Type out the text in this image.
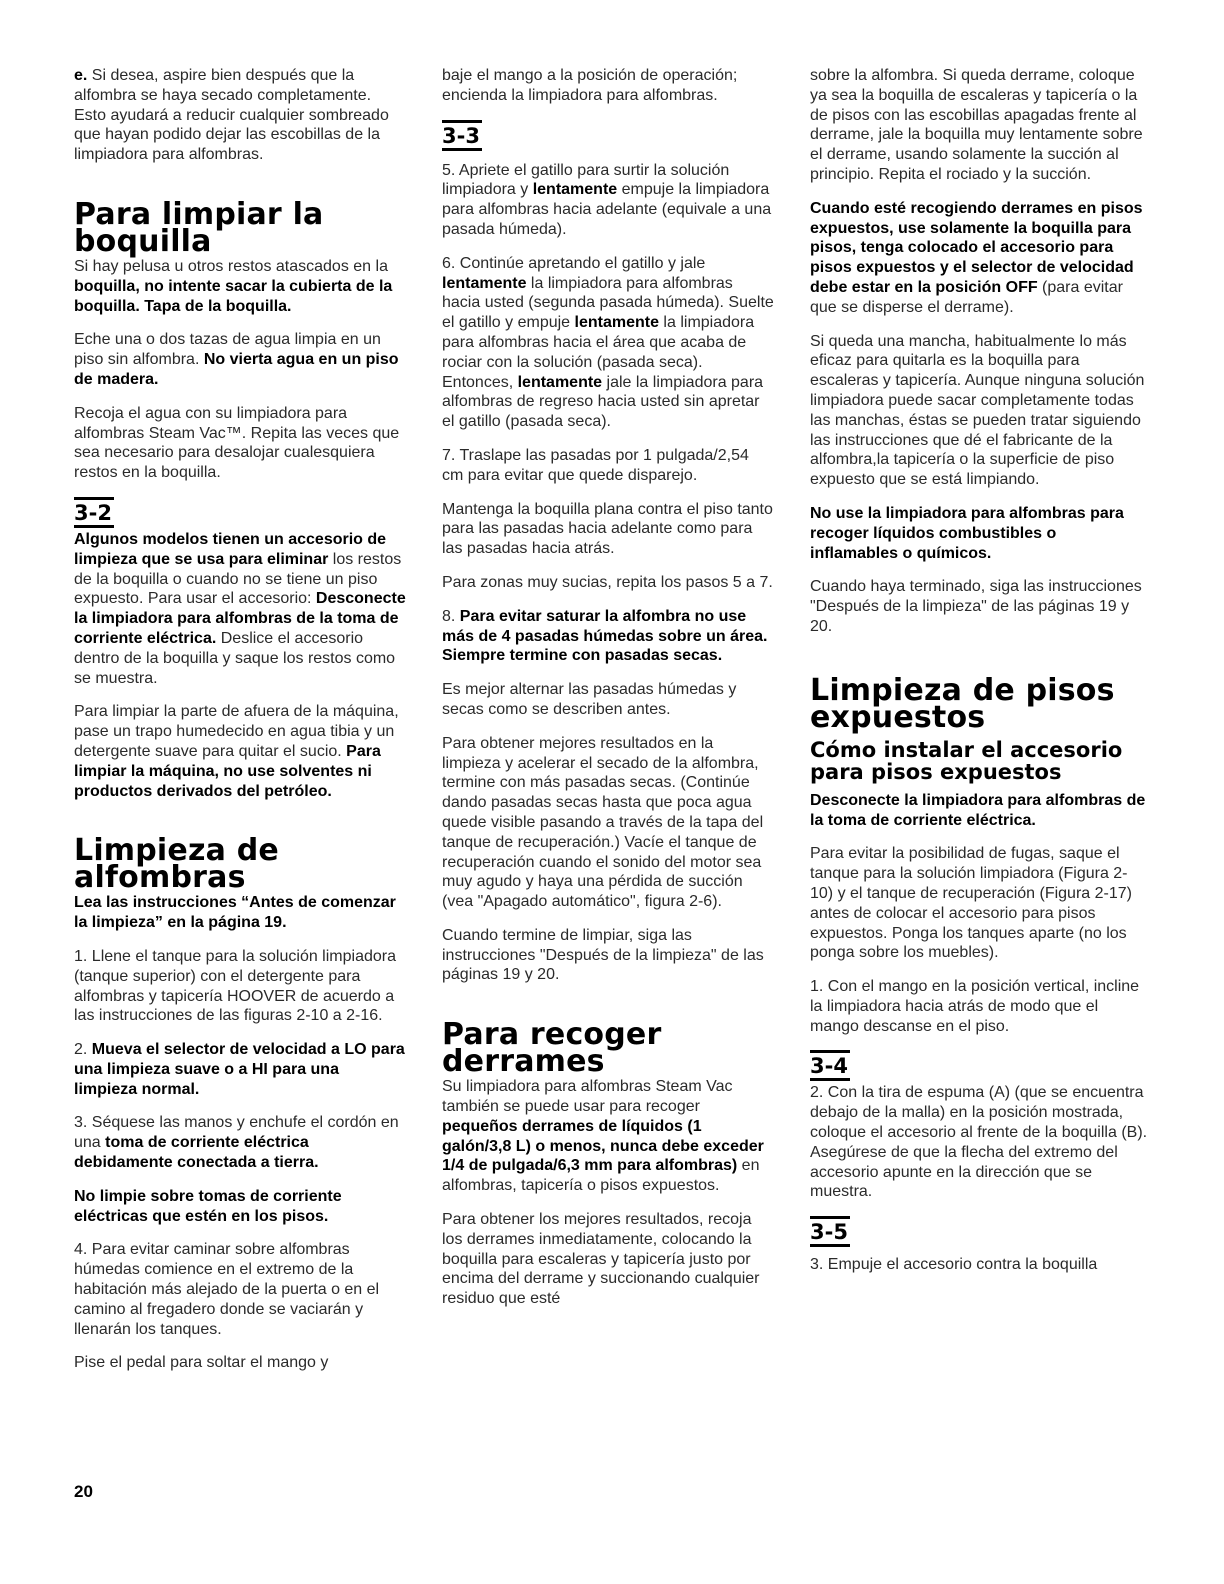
e. Si desea, aspire bien después que la alfombra se haya secado completamente. Esto ayudará a reducir cualquier sombreado que hayan podido dejar las escobillas de la limpiadora para alfombras.

Para limpiar la
boquilla

Si hay pelusa u otros restos atascados en la boquilla, no intente sacar la cubierta de la boquilla. Tapa de la boquilla.

Eche una o dos tazas de agua limpia en un piso sin alfombra. No vierta agua en un piso de madera.

Recoja el agua con su limpiadora para alfombras Steam Vac™. Repita las veces que sea necesario para desalojar cualesquiera restos en la boquilla.

3-2

Algunos modelos tienen un accesorio de limpieza que se usa para eliminar los restos de la boquilla o cuando no se tiene un piso expuesto. Para usar el accesorio: Desconecte la limpiadora para alfombras de la toma de corriente eléctrica. Deslice el accesorio dentro de la boquilla y saque los restos como se muestra.

Para limpiar la parte de afuera de la máquina, pase un trapo humedecido en agua tibia y un detergente suave para quitar el sucio. Para limpiar la máquina, no use solventes ni productos derivados del petróleo.

Limpieza de
alfombras

Lea las instrucciones “Antes de comenzar la limpieza” en la página 19.

1. Llene el tanque para la solución limpiadora (tanque superior) con el detergente para alfombras y tapicería HOOVER de acuerdo a las instrucciones de las figuras 2-10 a 2-16.

2. Mueva el selector de velocidad a LO para una limpieza suave o a HI para una limpieza normal.

3. Séquese las manos y enchufe el cordón en una toma de corriente eléctrica debidamente conectada a tierra.

No limpie sobre tomas de corriente eléctricas que estén en los pisos.

4. Para evitar caminar sobre alfombras húmedas comience en el extremo de la habitación más alejado de la puerta o en el camino al fregadero donde se vaciarán y llenarán los tanques.

Pise el pedal para soltar el mango y

baje el mango a la posición de operación; encienda la limpiadora para alfombras.

3-3

5. Apriete el gatillo para surtir la solución limpiadora y lentamente empuje la limpiadora para alfombras hacia adelante (equivale a una pasada húmeda).

6. Continúe apretando el gatillo y jale lentamente la limpiadora para alfombras hacia usted (segunda pasada húmeda). Suelte el gatillo y empuje lentamente la limpiadora para alfombras hacia el área que acaba de rociar con la solución (pasada seca). Entonces, lentamente jale la limpiadora para alfombras de regreso hacia usted sin apretar el gatillo (pasada seca).

7. Traslape las pasadas por 1 pulgada/2,54 cm para evitar que quede disparejo.

Mantenga la boquilla plana contra el piso tanto para las pasadas hacia adelante como para las pasadas hacia atrás.

Para zonas muy sucias, repita los pasos 5 a 7.

8. Para evitar saturar la alfombra no use más de 4 pasadas húmedas sobre un área. Siempre termine con pasadas secas.

Es mejor alternar las pasadas húmedas y secas como se describen antes.

Para obtener mejores resultados en la limpieza y acelerar el secado de la alfombra, termine con más pasadas secas. (Continúe dando pasadas secas hasta que poca agua quede visible pasando a través de la tapa del tanque de recuperación.) Vacíe el tanque de recuperación cuando el sonido del motor sea muy agudo y haya una pérdida de succión (vea "Apagado automático", figura 2-6).

Cuando termine de limpiar, siga las instrucciones "Después de la limpieza" de las páginas 19 y 20.

Para recoger
derrames

Su limpiadora para alfombras Steam Vac también se puede usar para recoger pequeños derrames de líquidos (1 galón/3,8 L) o menos, nunca debe exceder 1/4 de pulgada/6,3 mm para alfombras) en alfombras, tapicería o pisos expuestos.

Para obtener los mejores resultados, recoja los derrames inmediatamente, colocando la boquilla para escaleras y tapicería justo por encima del derrame y succionando cualquier residuo que esté

sobre la alfombra. Si queda derrame, coloque ya sea la boquilla de escaleras y tapicería o la de pisos con las escobillas apagadas frente al derrame, jale la boquilla muy lentamente sobre el derrame, usando solamente la succión al principio. Repita el rociado y la succión.

Cuando esté recogiendo derrames en pisos expuestos, use solamente la boquilla para pisos, tenga colocado el accesorio para pisos expuestos y el selector de velocidad debe estar en la posición OFF (para evitar que se disperse el derrame).

Si queda una mancha, habitualmente lo más eficaz para quitarla es la boquilla para escaleras y tapicería. Aunque ninguna solución limpiadora puede sacar completamente todas las manchas, éstas se pueden tratar siguiendo las instrucciones que dé el fabricante de la alfombra,la tapicería o la superficie de piso expuesto que se está limpiando.

No use la limpiadora para alfombras para recoger líquidos combustibles o inflamables o químicos.

Cuando haya terminado, siga las instrucciones "Después de la limpieza" de las páginas 19 y 20.

Limpieza de pisos
expuestos
Cómo instalar el accesorio para pisos expuestos

Desconecte la limpiadora para alfombras de la toma de corriente eléctrica.

Para evitar la posibilidad de fugas, saque el tanque para la solución limpiadora (Figura 2-10) y el tanque de recuperación (Figura 2-17) antes de colocar el accesorio para pisos expuestos. Ponga los tanques aparte (no los ponga sobre los muebles).

1. Con el mango en la posición vertical, incline la limpiadora hacia atrás de modo que el mango descanse en el piso.

3-4

2. Con la tira de espuma (A) (que se encuentra debajo de la malla) en la posición mostrada, coloque el accesorio al frente de la boquilla (B). Asegúrese de que la flecha del extremo del accesorio apunte en la dirección que se muestra.

3-5

3. Empuje el accesorio contra la boquilla

20
